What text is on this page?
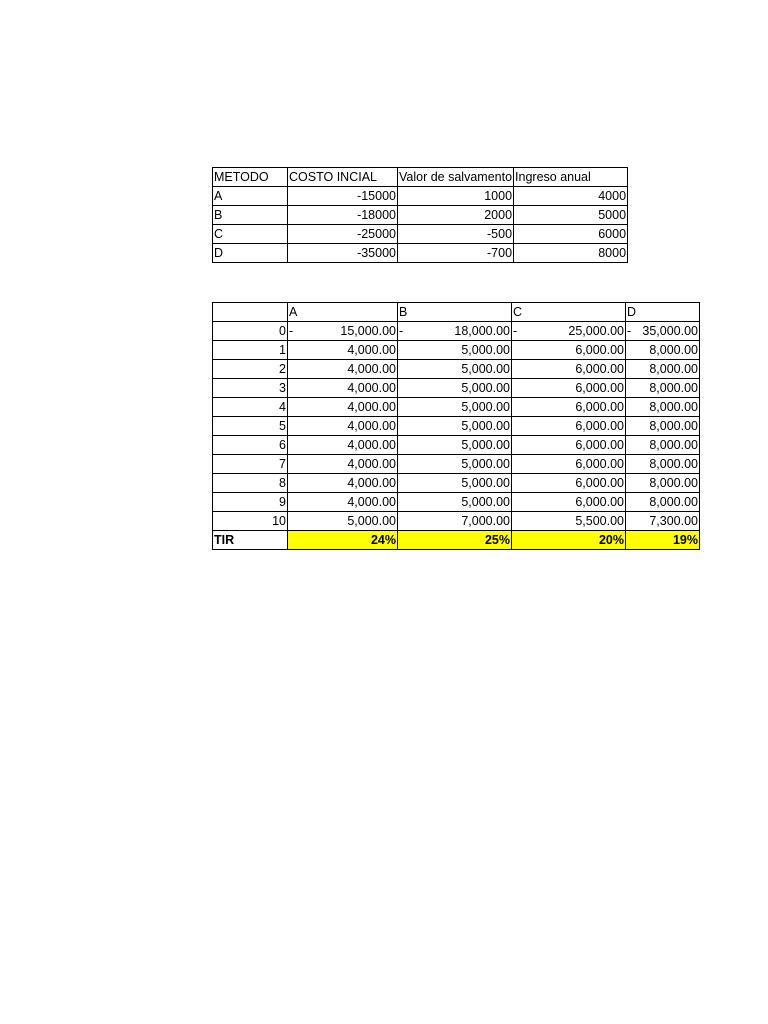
METODO	COSTO INCIAL	Valor de salvamento	Ingreso anual
A	-15000	1000	4000
B	-18000	2000	5000
C	-25000	-500	6000
D	-35000	-700	8000
	A	B	C	D
0	- 15,000.00	- 18,000.00	- 25,000.00	- 35,000.00

1	4,000.00	5,000.00	6,000.00	8,000.00
2	4,000.00	5,000.00	6,000.00	8,000.00
3	4,000.00	5,000.00	6,000.00	8,000.00
4	4,000.00	5,000.00	6,000.00	8,000.00
5	4,000.00	5,000.00	6,000.00	8,000.00
6	4,000.00	5,000.00	6,000.00	8,000.00
7	4,000.00	5,000.00	6,000.00	8,000.00
8	4,000.00	5,000.00	6,000.00	8,000.00
9	4,000.00	5,000.00	6,000.00	8,000.00
10	5,000.00	7,000.00	5,500.00	7,300.00
TIR	24%	25%	20%	19%
